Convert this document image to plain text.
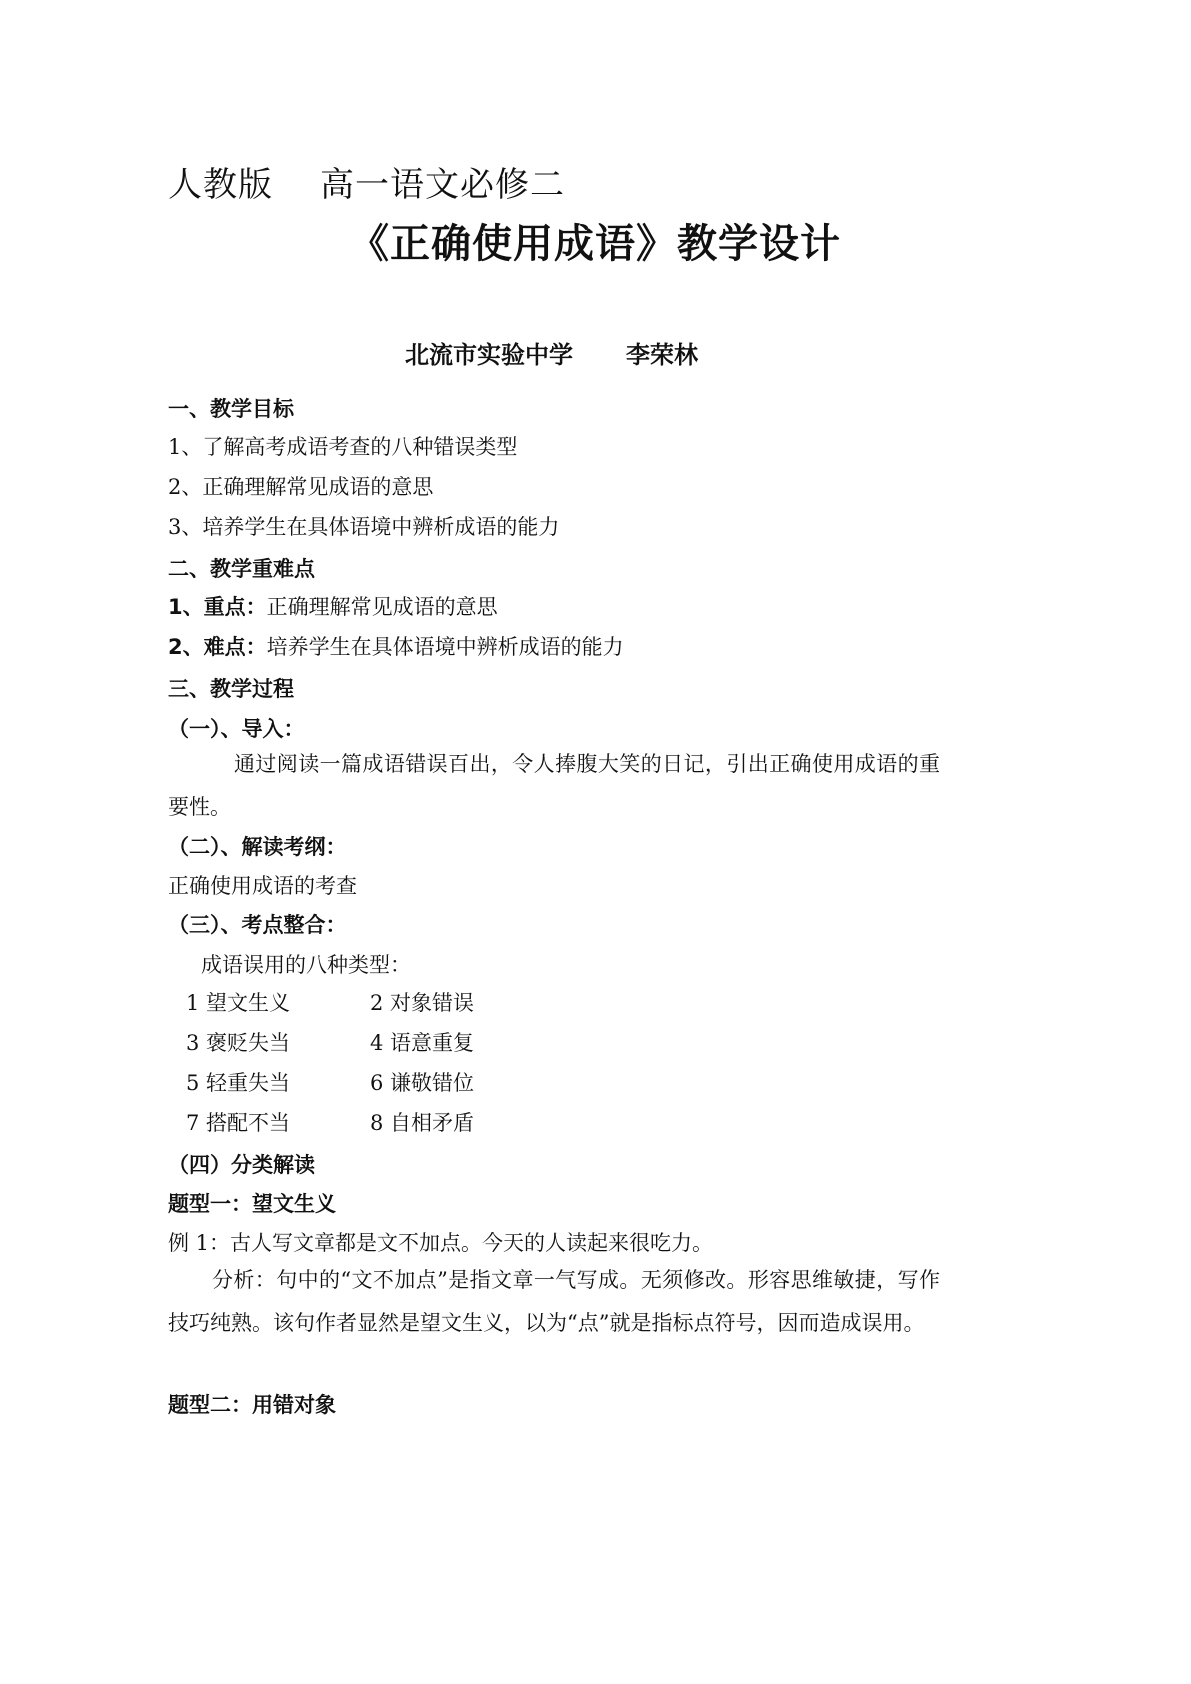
人教版 高一语文必修二
《正确使用成语》教学设计
北流市实验中学 李荣林
一、教学目标
1、了解高考成语考查的八种错误类型
2、正确理解常见成语的意思
3、培养学生在具体语境中辨析成语的能力
二、教学重难点
1、重点：正确理解常见成语的意思
2、难点：培养学生在具体语境中辨析成语的能力
三、教学过程
（一）、导入：
通过阅读一篇成语错误百出，令人捧腹大笑的日记，引出正确使用成语的重要性。
（二）、解读考纲：
正确使用成语的考查
（三）、考点整合：
成语误用的八种类型：
1 望文生义	2 对象错误
3 褒贬失当	4 语意重复
5 轻重失当	6 谦敬错位
7 搭配不当	8 自相矛盾
（四）分类解读
题型一：望文生义
例 1：古人写文章都是文不加点。今天的人读起来很吃力。
分析：句中的“文不加点”是指文章一气写成。无须修改。形容思维敏捷，写作技巧纯熟。该句作者显然是望文生义，以为“点”就是指标点符号，因而造成误用。
题型二：用错对象
